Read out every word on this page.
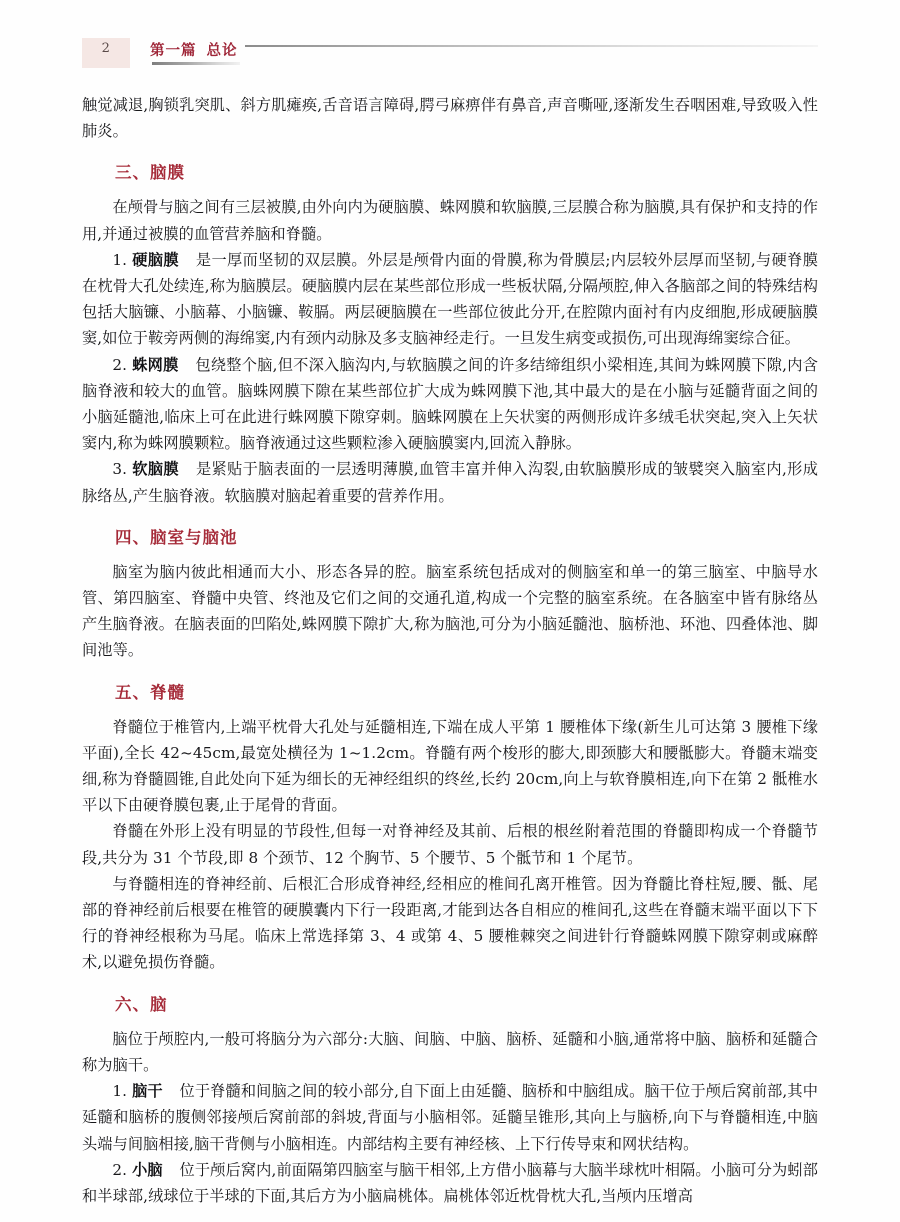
2	第一篇 总论

触觉减退,胸锁乳突肌、斜方肌瘫痪,舌音语言障碍,腭弓麻痹伴有鼻音,声音嘶哑,逐渐发生吞咽困难,导致吸入性肺炎。

三、脑膜

在颅骨与脑之间有三层被膜,由外向内为硬脑膜、蛛网膜和软脑膜,三层膜合称为脑膜,具有保护和支持的作用,并通过被膜的血管营养脑和脊髓。

1. 硬脑膜 是一厚而坚韧的双层膜。外层是颅骨内面的骨膜,称为骨膜层;内层较外层厚而坚韧,与硬脊膜在枕骨大孔处续连,称为脑膜层。硬脑膜内层在某些部位形成一些板状隔,分隔颅腔,伸入各脑部之间的特殊结构包括大脑镰、小脑幕、小脑镰、鞍膈。两层硬脑膜在一些部位彼此分开,在腔隙内面衬有内皮细胞,形成硬脑膜窦,如位于鞍旁两侧的海绵窦,内有颈内动脉及多支脑神经走行。一旦发生病变或损伤,可出现海绵窦综合征。

2. 蛛网膜 包绕整个脑,但不深入脑沟内,与软脑膜之间的许多结缔组织小梁相连,其间为蛛网膜下隙,内含脑脊液和较大的血管。脑蛛网膜下隙在某些部位扩大成为蛛网膜下池,其中最大的是在小脑与延髓背面之间的小脑延髓池,临床上可在此进行蛛网膜下隙穿刺。脑蛛网膜在上矢状窦的两侧形成许多绒毛状突起,突入上矢状窦内,称为蛛网膜颗粒。脑脊液通过这些颗粒渗入硬脑膜窦内,回流入静脉。

3. 软脑膜 是紧贴于脑表面的一层透明薄膜,血管丰富并伸入沟裂,由软脑膜形成的皱襞突入脑室内,形成脉络丛,产生脑脊液。软脑膜对脑起着重要的营养作用。

四、脑室与脑池

脑室为脑内彼此相通而大小、形态各异的腔。脑室系统包括成对的侧脑室和单一的第三脑室、中脑导水管、第四脑室、脊髓中央管、终池及它们之间的交通孔道,构成一个完整的脑室系统。在各脑室中皆有脉络丛产生脑脊液。在脑表面的凹陷处,蛛网膜下隙扩大,称为脑池,可分为小脑延髓池、脑桥池、环池、四叠体池、脚间池等。

五、脊髓

脊髓位于椎管内,上端平枕骨大孔处与延髓相连,下端在成人平第 1 腰椎体下缘(新生儿可达第 3 腰椎下缘平面),全长 42~45cm,最宽处横径为 1~1.2cm。脊髓有两个梭形的膨大,即颈膨大和腰骶膨大。脊髓末端变细,称为脊髓圆锥,自此处向下延为细长的无神经组织的终丝,长约 20cm,向上与软脊膜相连,向下在第 2 骶椎水平以下由硬脊膜包裹,止于尾骨的背面。

脊髓在外形上没有明显的节段性,但每一对脊神经及其前、后根的根丝附着范围的脊髓即构成一个脊髓节段,共分为 31 个节段,即 8 个颈节、12 个胸节、5 个腰节、5 个骶节和 1 个尾节。

与脊髓相连的脊神经前、后根汇合形成脊神经,经相应的椎间孔离开椎管。因为脊髓比脊柱短,腰、骶、尾部的脊神经前后根要在椎管的硬膜囊内下行一段距离,才能到达各自相应的椎间孔,这些在脊髓末端平面以下下行的脊神经根称为马尾。临床上常选择第 3、4 或第 4、5 腰椎棘突之间进针行脊髓蛛网膜下隙穿刺或麻醉术,以避免损伤脊髓。

六、脑

脑位于颅腔内,一般可将脑分为六部分:大脑、间脑、中脑、脑桥、延髓和小脑,通常将中脑、脑桥和延髓合称为脑干。

1. 脑干 位于脊髓和间脑之间的较小部分,自下面上由延髓、脑桥和中脑组成。脑干位于颅后窝前部,其中延髓和脑桥的腹侧邻接颅后窝前部的斜坡,背面与小脑相邻。延髓呈锥形,其向上与脑桥,向下与脊髓相连,中脑头端与间脑相接,脑干背侧与小脑相连。内部结构主要有神经核、上下行传导束和网状结构。

2. 小脑 位于颅后窝内,前面隔第四脑室与脑干相邻,上方借小脑幕与大脑半球枕叶相隔。小脑可分为蚓部和半球部,绒球位于半球的下面,其后方为小脑扁桃体。扁桃体邻近枕骨枕大孔,当颅内压增高
